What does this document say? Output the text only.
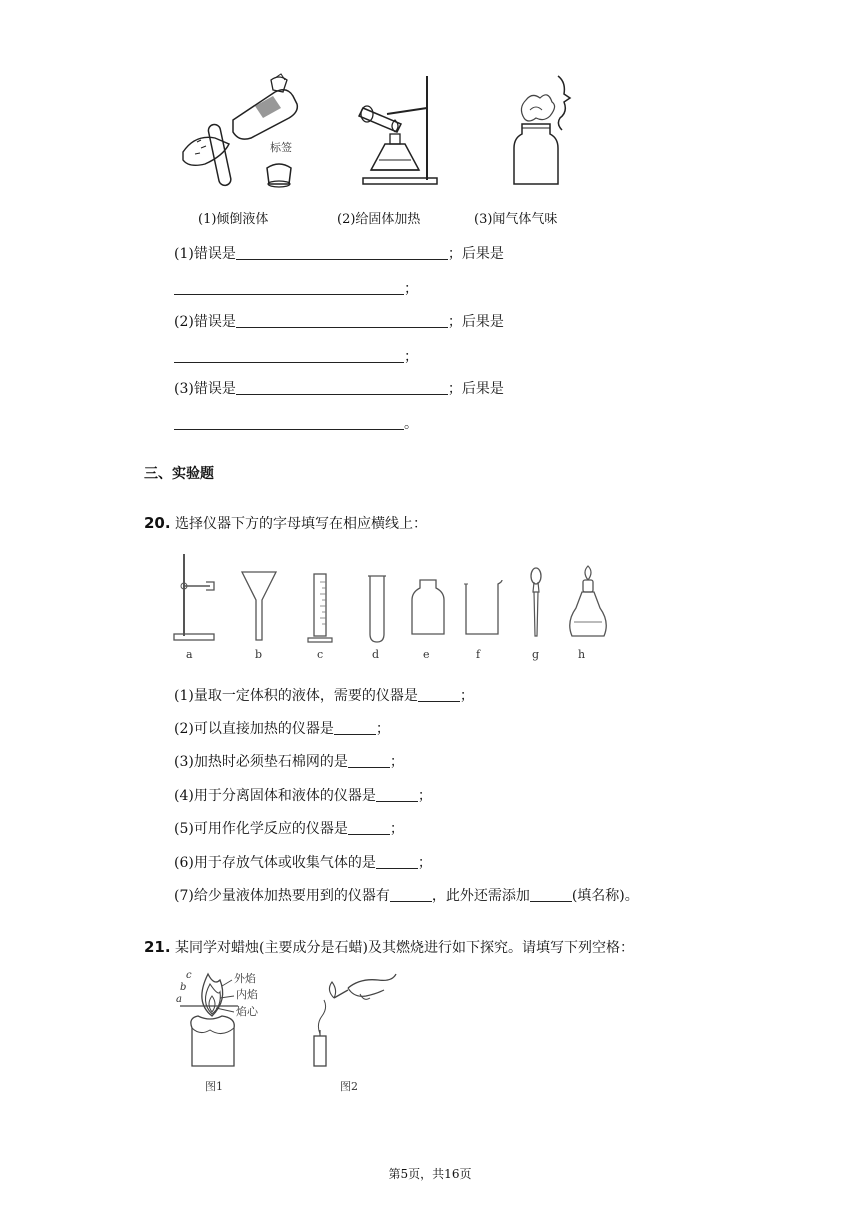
标签
(1)倾倒液体	(2)给固体加热	(3)闻气体气味
(1)错误是	；后果是
；
(2)错误是	；后果是
；
(3)错误是	；后果是
。
三、实验题
20. 选择仪器下方的字母填写在相应横线上：
a	b	c	d	e	f	g	h
(1)量取一定体积的液体，需要的仪器是	；
(2)可以直接加热的仪器是	；
(3)加热时必须垫石棉网的是	；
(4)用于分离固体和液体的仪器是	；
(5)可用作化学反应的仪器是	；
(6)用于存放气体或收集气体的是	；
(7)给少量液体加热要用到的仪器有	，此外还需添加	(填名称)。
21. 某同学对蜡烛(主要成分是石蜡)及其燃烧进行如下探究。请填写下列空格：
c
b
a
外焰
内焰
焰心
图1	图2
第5页，共16页
